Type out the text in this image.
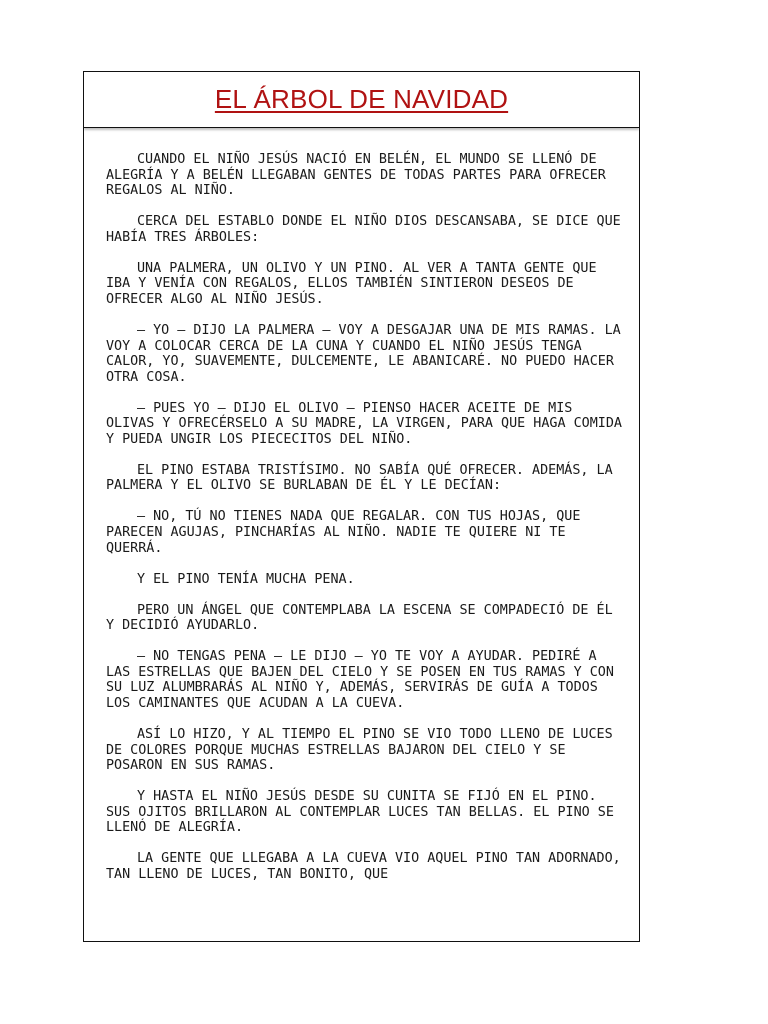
EL ÁRBOL DE NAVIDAD

CUANDO EL NIÑO JESÚS NACIÓ EN BELÉN, EL MUNDO SE LLENÓ DE ALEGRÍA Y A BELÉN LLEGABAN GENTES DE TODAS PARTES PARA OFRECER REGALOS AL NIÑO.

CERCA DEL ESTABLO DONDE EL NIÑO DIOS DESCANSABA, SE DICE QUE HABÍA TRES ÁRBOLES:

UNA PALMERA, UN OLIVO Y UN PINO. AL VER A TANTA GENTE QUE IBA Y VENÍA CON REGALOS, ELLOS TAMBIÉN SINTIERON DESEOS DE OFRECER ALGO AL NIÑO JESÚS.

– YO – DIJO LA PALMERA – VOY A DESGAJAR UNA DE MIS RAMAS. LA VOY A COLOCAR CERCA DE LA CUNA Y CUANDO EL NIÑO JESÚS TENGA CALOR, YO, SUAVEMENTE, DULCEMENTE, LE ABANICARÉ. NO PUEDO HACER OTRA COSA.

– PUES YO – DIJO EL OLIVO – PIENSO HACER ACEITE DE MIS OLIVAS Y OFRECÉRSELO A SU MADRE, LA VIRGEN, PARA QUE HAGA COMIDA Y PUEDA UNGIR LOS PIECECITOS DEL NIÑO.

EL PINO ESTABA TRISTÍSIMO. NO SABÍA QUÉ OFRECER. ADEMÁS, LA PALMERA Y EL OLIVO SE BURLABAN DE ÉL Y LE DECÍAN:

– NO, TÚ NO TIENES NADA QUE REGALAR. CON TUS HOJAS, QUE PARECEN AGUJAS, PINCHARÍAS AL NIÑO. NADIE TE QUIERE NI TE QUERRÁ.

Y EL PINO TENÍA MUCHA PENA.

PERO UN ÁNGEL QUE CONTEMPLABA LA ESCENA SE COMPADECIÓ DE ÉL Y DECIDIÓ AYUDARLO.

– NO TENGAS PENA – LE DIJO – YO TE VOY A AYUDAR. PEDIRÉ A LAS ESTRELLAS QUE BAJEN DEL CIELO Y SE POSEN EN TUS RAMAS Y CON SU LUZ ALUMBRARÁS AL NIÑO Y, ADEMÁS, SERVIRÁS DE GUÍA A TODOS LOS CAMINANTES QUE ACUDAN A LA CUEVA.

ASÍ LO HIZO, Y AL TIEMPO EL PINO SE VIO TODO LLENO DE LUCES DE COLORES PORQUE MUCHAS ESTRELLAS BAJARON DEL CIELO Y SE POSARON EN SUS RAMAS.

Y HASTA EL NIÑO JESÚS DESDE SU CUNITA SE FIJÓ EN EL PINO. SUS OJITOS BRILLARON AL CONTEMPLAR LUCES TAN BELLAS. EL PINO SE LLENÓ DE ALEGRÍA.

LA GENTE QUE LLEGABA A LA CUEVA VIO AQUEL PINO TAN ADORNADO, TAN LLENO DE LUCES, TAN BONITO, QUE
